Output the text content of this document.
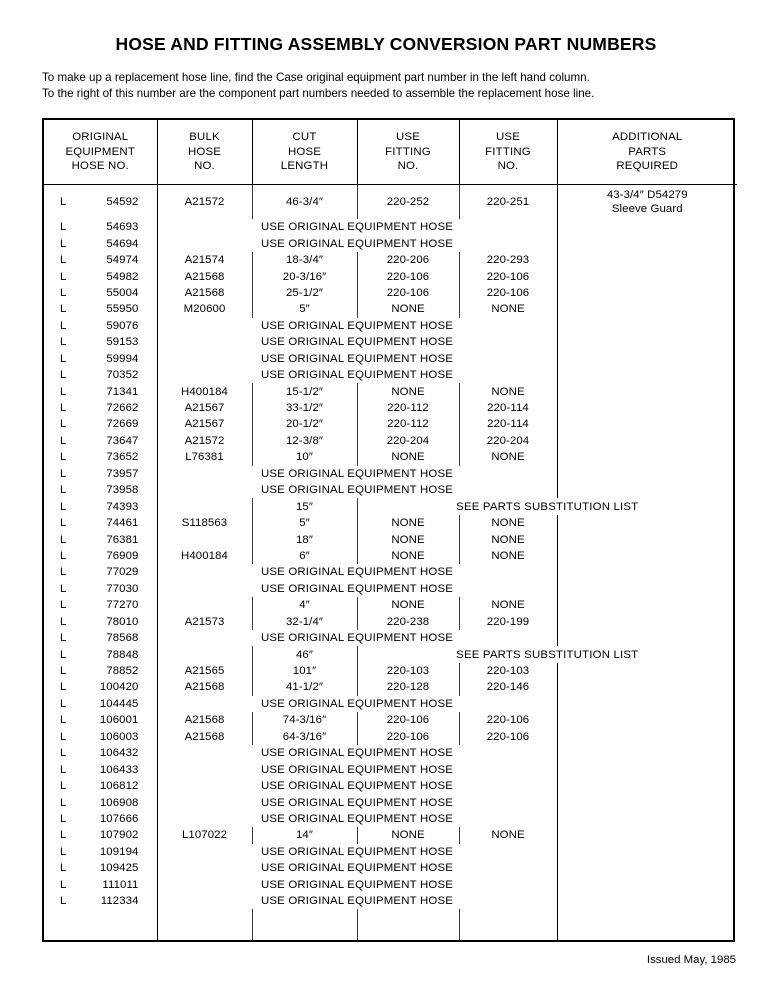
HOSE AND FITTING ASSEMBLY CONVERSION PART NUMBERS
To make up a replacement hose line, find the Case original equipment part number in the left hand column.
To the right of this number are the component part numbers needed to assemble the replacement hose line.
ORIGINAL
EQUIPMENT
HOSE NO.	BULK
HOSE
NO.	CUT
HOSE
LENGTH	USE
FITTING
NO.	USE
FITTING
NO.	ADDITIONAL
PARTS
REQUIRED

L 54592	A21572	46-3/4″	220-252	220-251	43-3/4″ D54279
Sleeve Guard

L 54693	USE ORIGINAL EQUIPMENT HOSE				

L 54694	USE ORIGINAL EQUIPMENT HOSE				

L 54974	A21574	18-3/4″	220-206	220-293	

L 54982	A21568	20-3/16″	220-106	220-106	

L 55004	A21568	25-1/2″	220-106	220-106	

L 55950	M20600	5″	NONE	NONE	

L 59076	USE ORIGINAL EQUIPMENT HOSE				

L 59153	USE ORIGINAL EQUIPMENT HOSE				

L 59994	USE ORIGINAL EQUIPMENT HOSE				

L 70352	USE ORIGINAL EQUIPMENT HOSE				

L 71341	H400184	15-1/2″	NONE	NONE	

L 72662	A21567	33-1/2″	220-112	220-114	

L 72669	A21567	20-1/2″	220-112	220-114	

L 73647	A21572	12-3/8″	220-204	220-204	

L 73652	L76381	10″	NONE	NONE	

L 73957	USE ORIGINAL EQUIPMENT HOSE				

L 73958	USE ORIGINAL EQUIPMENT HOSE				

L 74393		15″	SEE PARTS SUBSTITUTION LIST		

L 74461	S118563	5″	NONE	NONE	

L 76381		18″	NONE	NONE	

L 76909	H400184	6″	NONE	NONE	

L 77029	USE ORIGINAL EQUIPMENT HOSE				

L 77030	USE ORIGINAL EQUIPMENT HOSE				

L 77270		4″	NONE	NONE	

L 78010	A21573	32-1/4″	220-238	220-199	

L 78568	USE ORIGINAL EQUIPMENT HOSE				

L 78848		46″	SEE PARTS SUBSTITUTION LIST		

L 78852	A21565	101″	220-103	220-103	

L 100420	A21568	41-1/2″	220-128	220-146	

L 104445	USE ORIGINAL EQUIPMENT HOSE				

L 106001	A21568	74-3/16″	220-106	220-106	

L 106003	A21568	64-3/16″	220-106	220-106	

L 106432	USE ORIGINAL EQUIPMENT HOSE				

L 106433	USE ORIGINAL EQUIPMENT HOSE				

L 106812	USE ORIGINAL EQUIPMENT HOSE				

L 106908	USE ORIGINAL EQUIPMENT HOSE				

L 107666	USE ORIGINAL EQUIPMENT HOSE				

L 107902	L107022	14″	NONE	NONE	

L 109194	USE ORIGINAL EQUIPMENT HOSE				

L 109425	USE ORIGINAL EQUIPMENT HOSE				

L 111011	USE ORIGINAL EQUIPMENT HOSE				

L 112334	USE ORIGINAL EQUIPMENT HOSE				

Issued May, 1985
